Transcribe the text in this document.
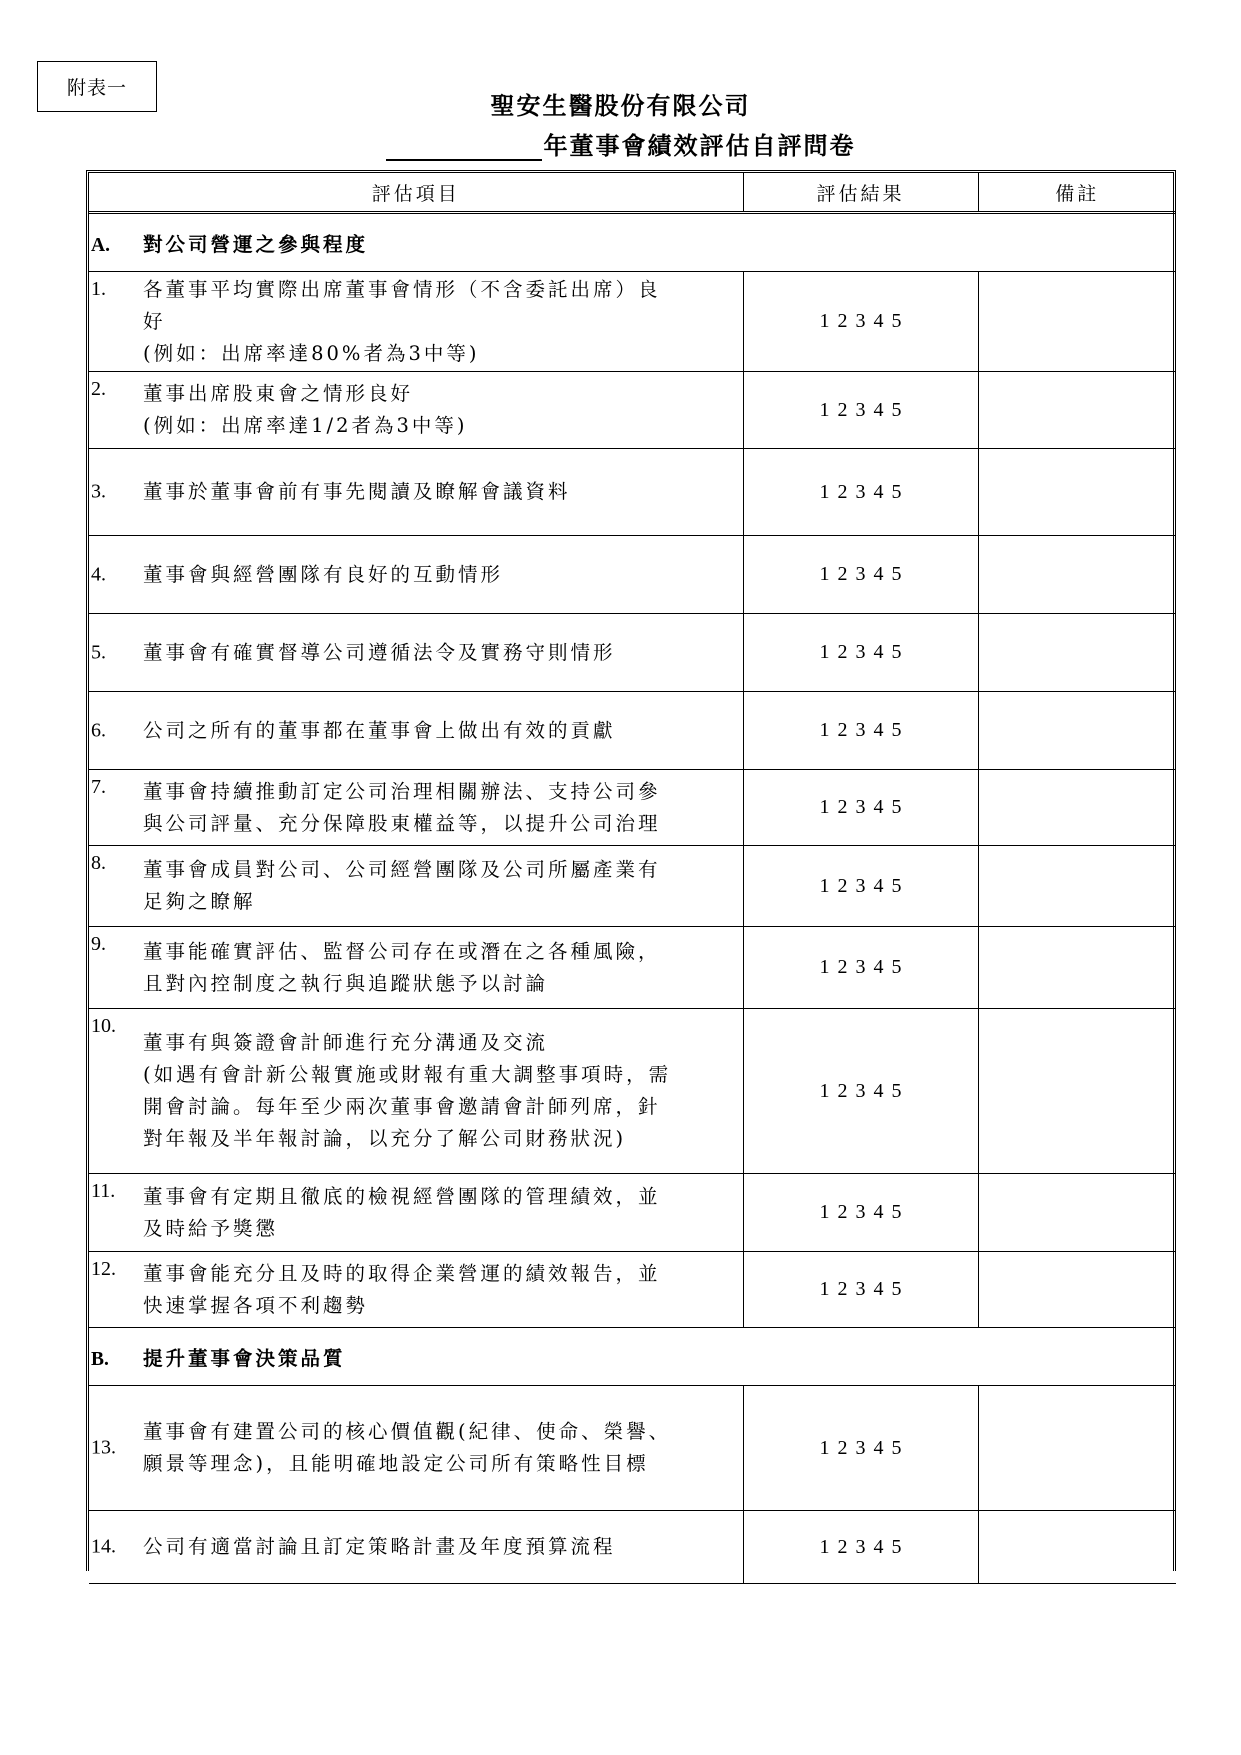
附表一
聖安生醫股份有限公司
年董事會績效評估自評問卷
評估項目	評估結果	備註
A. 對公司營運之參與程度		

1. 各董事平均實際出席董事會情形（不含委託出席）良
好
(例如：出席率達80%者為3中等)	1 2 3 4 5	

2. 董事出席股東會之情形良好
(例如：出席率達1/2者為3中等)	1 2 3 4 5	

3. 董事於董事會前有事先閱讀及瞭解會議資料	1 2 3 4 5	

4. 董事會與經營團隊有良好的互動情形	1 2 3 4 5	

5. 董事會有確實督導公司遵循法令及實務守則情形	1 2 3 4 5	

6. 公司之所有的董事都在董事會上做出有效的貢獻	1 2 3 4 5	

7. 董事會持續推動訂定公司治理相關辦法、支持公司參
與公司評量、充分保障股東權益等，以提升公司治理	1 2 3 4 5	

8. 董事會成員對公司、公司經營團隊及公司所屬產業有
足夠之瞭解	1 2 3 4 5	

9. 董事能確實評估、監督公司存在或潛在之各種風險，
且對內控制度之執行與追蹤狀態予以討論	1 2 3 4 5	

10.
董事有與簽證會計師進行充分溝通及交流
(如遇有會計新公報實施或財報有重大調整事項時，需
開會討論。每年至少兩次董事會邀請會計師列席，針
對年報及半年報討論，以充分了解公司財務狀況)	1 2 3 4 5	

11. 董事會有定期且徹底的檢視經營團隊的管理績效，並
及時給予獎懲	1 2 3 4 5	

12. 董事會能充分且及時的取得企業營運的績效報告，並
快速掌握各項不利趨勢	1 2 3 4 5	
B. 提升董事會決策品質		

13.
董事會有建置公司的核心價值觀(紀律、使命、榮譽、
願景等理念)，且能明確地設定公司所有策略性目標	1 2 3 4 5	

14. 公司有適當討論且訂定策略計畫及年度預算流程	1 2 3 4 5	
